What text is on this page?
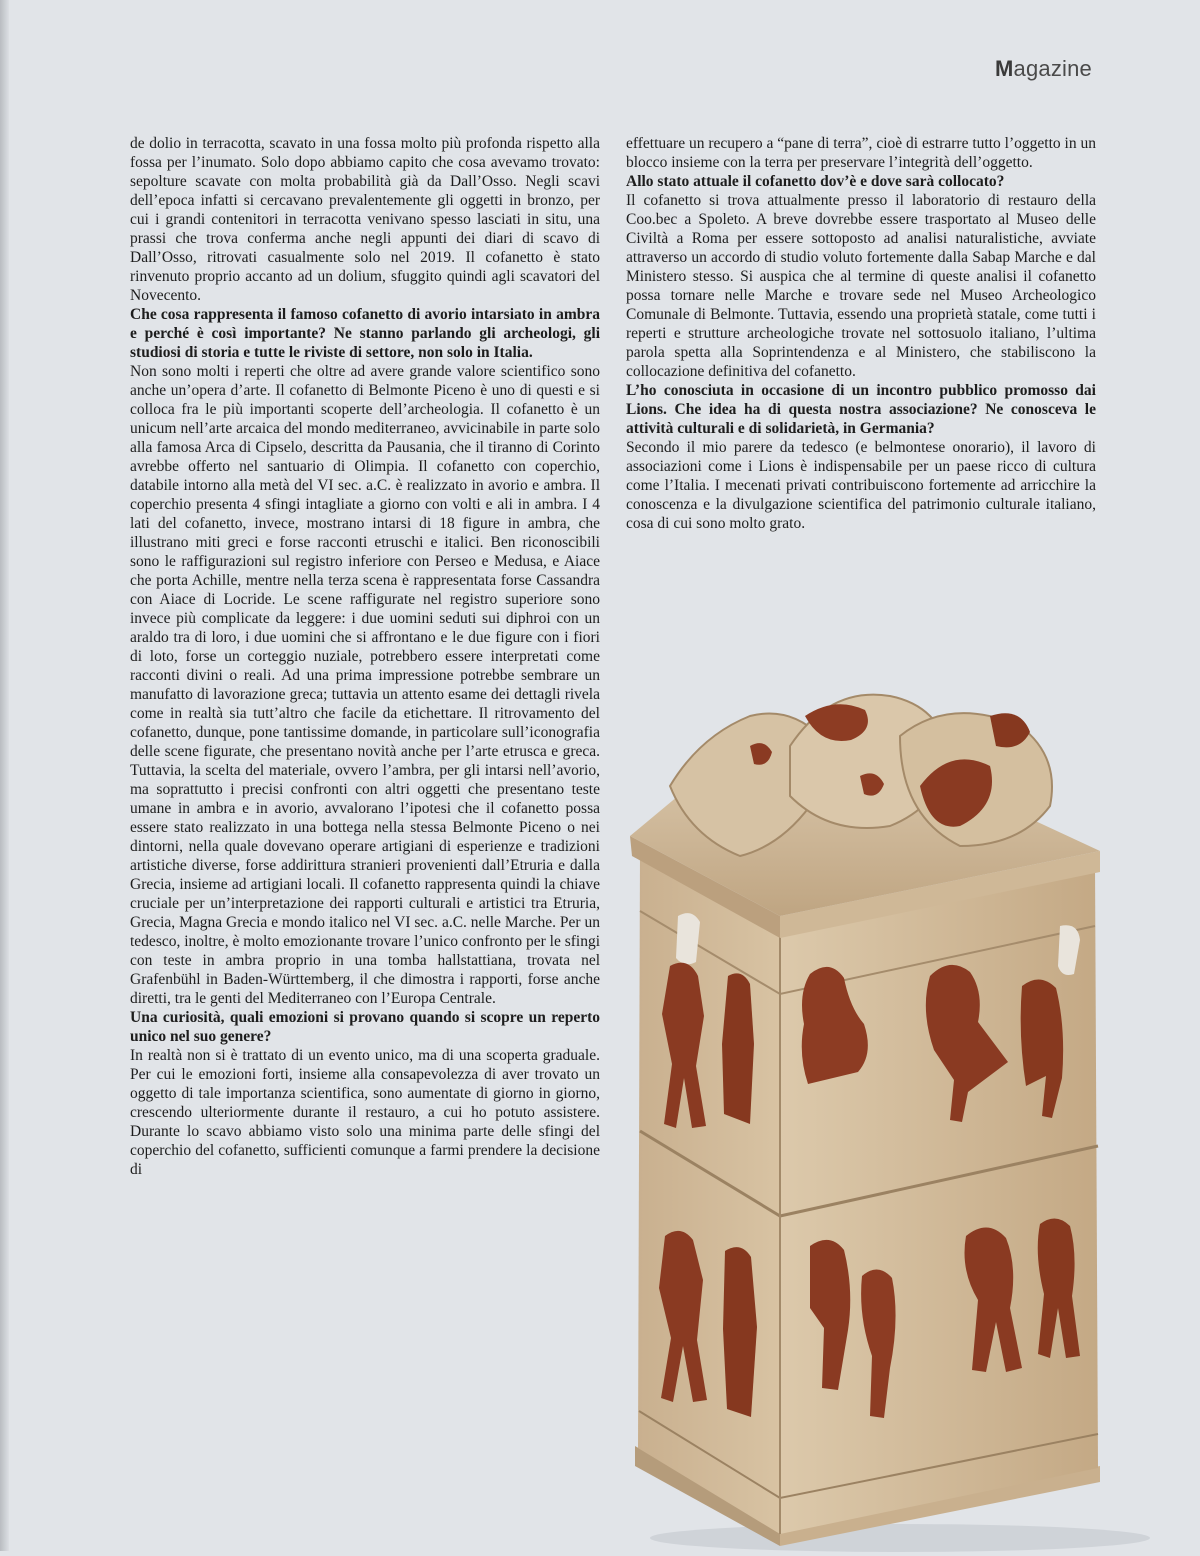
Magazine

de dolio in terracotta, scavato in una fossa molto più profonda rispetto alla fossa per l’inumato. Solo dopo abbiamo capito che cosa avevamo trovato: sepolture scavate con molta probabilità già da Dall’Osso. Negli scavi dell’epoca infatti si cercavano prevalentemente gli oggetti in bronzo, per cui i grandi contenitori in terracotta venivano spesso lasciati in situ, una prassi che trova conferma anche negli appunti dei diari di scavo di Dall’Osso, ritrovati casualmente solo nel 2019. Il cofanetto è stato rinvenuto proprio accanto ad un dolium, sfuggito quindi agli scavatori del Novecento.

Che cosa rappresenta il famoso cofanetto di avorio intarsiato in ambra e perché è così importante? Ne stanno parlando gli archeologi, gli studiosi di storia e tutte le riviste di settore, non solo in Italia.

Non sono molti i reperti che oltre ad avere grande valore scientifico sono anche un’opera d’arte. Il cofanetto di Belmonte Piceno è uno di questi e si colloca fra le più importanti scoperte dell’archeologia. Il cofanetto è un unicum nell’arte arcaica del mondo mediterraneo, avvicinabile in parte solo alla famosa Arca di Cipselo, descritta da Pausania, che il tiranno di Corinto avrebbe offerto nel santuario di Olimpia. Il cofanetto con coperchio, databile intorno alla metà del VI sec. a.C. è realizzato in avorio e ambra. Il coperchio presenta 4 sfingi intagliate a giorno con volti e ali in ambra. I 4 lati del cofanetto, invece, mostrano intarsi di 18 figure in ambra, che illustrano miti greci e forse racconti etruschi e italici. Ben riconoscibili sono le raffigurazioni sul registro inferiore con Perseo e Medusa, e Aiace che porta Achille, mentre nella terza scena è rappresentata forse Cassandra con Aiace di Locride. Le scene raffigurate nel registro superiore sono invece più complicate da leggere: i due uomini seduti sui diphroi con un araldo tra di loro, i due uomini che si affrontano e le due figure con i fiori di loto, forse un corteggio nuziale, potrebbero essere interpretati come racconti divini o reali. Ad una prima impressione potrebbe sembrare un manufatto di lavorazione greca; tuttavia un attento esame dei dettagli rivela come in realtà sia tutt’altro che facile da etichettare. Il ritrovamento del cofanetto, dunque, pone tantissime domande, in particolare sull’iconografia delle scene figurate, che presentano novità anche per l’arte etrusca e greca. Tuttavia, la scelta del materiale, ovvero l’ambra, per gli intarsi nell’avorio, ma soprattutto i precisi confronti con altri oggetti che presentano teste umane in ambra e in avorio, avvalorano l’ipotesi che il cofanetto possa essere stato realizzato in una bottega nella stessa Belmonte Piceno o nei dintorni, nella quale dovevano operare artigiani di esperienze e tradizioni artistiche diverse, forse addirittura stranieri provenienti dall’Etruria e dalla Grecia, insieme ad artigiani locali. Il cofanetto rappresenta quindi la chiave cruciale per un’interpretazione dei rapporti culturali e artistici tra Etruria, Grecia, Magna Grecia e mondo italico nel VI sec. a.C. nelle Marche. Per un tedesco, inoltre, è molto emozionante trovare l’unico confronto per le sfingi con teste in ambra proprio in una tomba hallstattiana, trovata nel Grafenbühl in Baden-Württemberg, il che dimostra i rapporti, forse anche diretti, tra le genti del Mediterraneo con l’Europa Centrale.

Una curiosità, quali emozioni si provano quando si scopre un reperto unico nel suo genere?

In realtà non si è trattato di un evento unico, ma di una scoperta graduale. Per cui le emozioni forti, insieme alla consapevolezza di aver trovato un oggetto di tale importanza scientifica, sono aumentate di giorno in giorno, crescendo ulteriormente durante il restauro, a cui ho potuto assistere. Durante lo scavo abbiamo visto solo una minima parte delle sfingi del coperchio del cofanetto, sufficienti comunque a farmi prendere la decisione di

effettuare un recupero a “pane di terra”, cioè di estrarre tutto l’oggetto in un blocco insieme con la terra per preservare l’integrità dell’oggetto.

Allo stato attuale il cofanetto dov’è e dove sarà collocato?

Il cofanetto si trova attualmente presso il laboratorio di restauro della Coo.bec a Spoleto. A breve dovrebbe essere trasportato al Museo delle Civiltà a Roma per essere sottoposto ad analisi naturalistiche, avviate attraverso un accordo di studio voluto fortemente dalla Sabap Marche e dal Ministero stesso. Si auspica che al termine di queste analisi il cofanetto possa tornare nelle Marche e trovare sede nel Museo Archeologico Comunale di Belmonte. Tuttavia, essendo una proprietà statale, come tutti i reperti e strutture archeologiche trovate nel sottosuolo italiano, l’ultima parola spetta alla Soprintendenza e al Ministero, che stabiliscono la collocazione definitiva del cofanetto.

L’ho conosciuta in occasione di un incontro pubblico promosso dai Lions. Che idea ha di questa nostra associazione? Ne conosceva le attività culturali e di solidarietà, in Germania?

Secondo il mio parere da tedesco (e belmontese onorario), il lavoro di associazioni come i Lions è indispensabile per un paese ricco di cultura come l’Italia. I mecenati privati contribuiscono fortemente ad arricchire la conoscenza e la divulgazione scientifica del patrimonio culturale italiano, cosa di cui sono molto grato.
